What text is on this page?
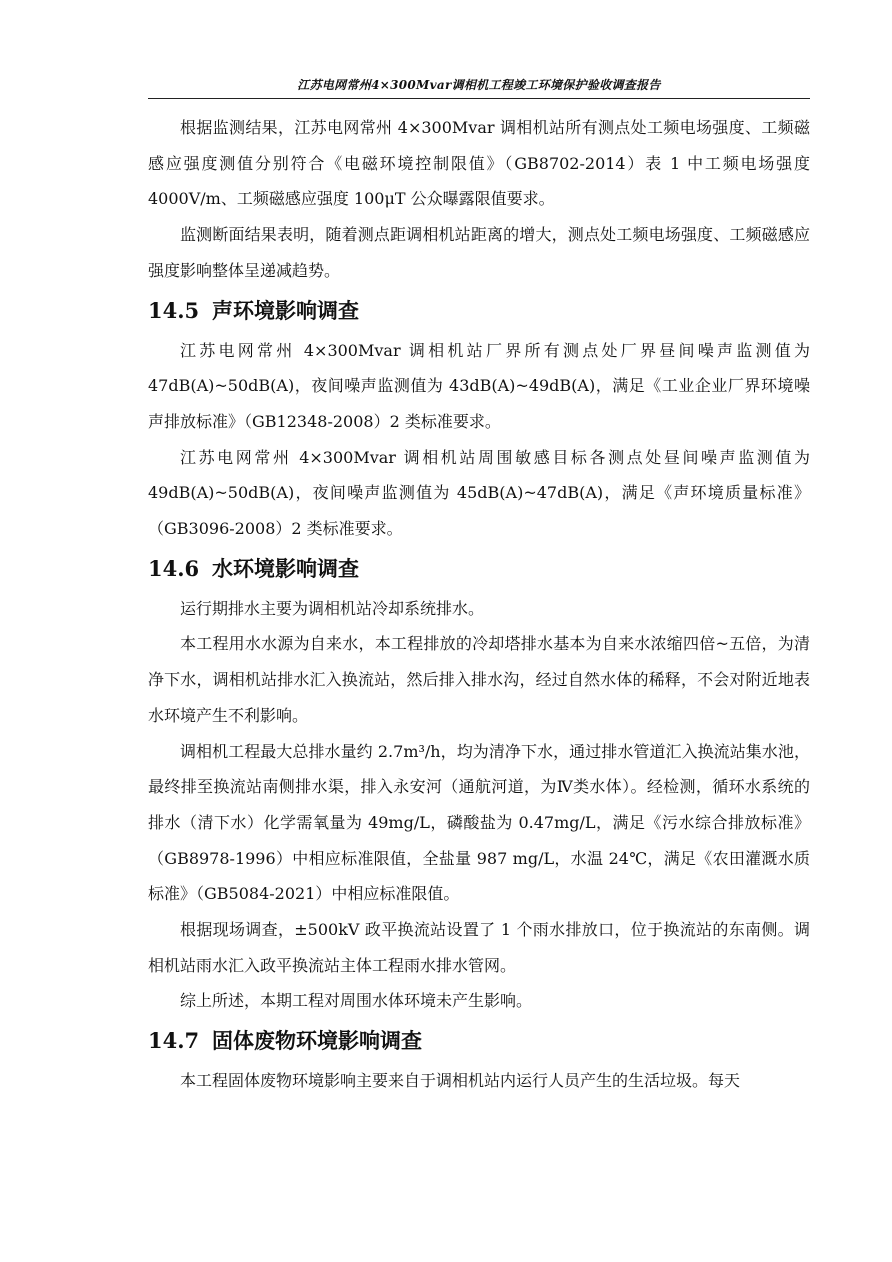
江苏电网常州4×300Mvar调相机工程竣工环境保护验收调查报告

根据监测结果，江苏电网常州 4×300Mvar 调相机站所有测点处工频电场强度、工频磁感应强度测值分别符合《电磁环境控制限值》（GB8702-2014）表 1 中工频电场强度 4000V/m、工频磁感应强度 100μT 公众曝露限值要求。

监测断面结果表明，随着测点距调相机站距离的增大，测点处工频电场强度、工频磁感应强度影响整体呈递减趋势。

14.5 声环境影响调查

江苏电网常州 4×300Mvar 调相机站厂界所有测点处厂界昼间噪声监测值为 47dB(A)~50dB(A)，夜间噪声监测值为 43dB(A)~49dB(A)，满足《工业企业厂界环境噪声排放标准》（GB12348-2008）2 类标准要求。

江苏电网常州 4×300Mvar 调相机站周围敏感目标各测点处昼间噪声监测值为 49dB(A)~50dB(A)，夜间噪声监测值为 45dB(A)~47dB(A)，满足《声环境质量标准》（GB3096-2008）2 类标准要求。

14.6 水环境影响调查

运行期排水主要为调相机站冷却系统排水。

本工程用水水源为自来水，本工程排放的冷却塔排水基本为自来水浓缩四倍~五倍，为清净下水，调相机站排水汇入换流站，然后排入排水沟，经过自然水体的稀释，不会对附近地表水环境产生不利影响。

调相机工程最大总排水量约 2.7m³/h，均为清净下水，通过排水管道汇入换流站集水池，最终排至换流站南侧排水渠，排入永安河（通航河道，为Ⅳ类水体）。经检测，循环水系统的排水（清下水）化学需氧量为 49mg/L，磷酸盐为 0.47mg/L，满足《污水综合排放标准》（GB8978-1996）中相应标准限值，全盐量 987 mg/L，水温 24℃，满足《农田灌溉水质标准》（GB5084-2021）中相应标准限值。

根据现场调查，±500kV 政平换流站设置了 1 个雨水排放口，位于换流站的东南侧。调相机站雨水汇入政平换流站主体工程雨水排水管网。

综上所述，本期工程对周围水体环境未产生影响。

14.7 固体废物环境影响调查

本工程固体废物环境影响主要来自于调相机站内运行人员产生的生活垃圾。每天
